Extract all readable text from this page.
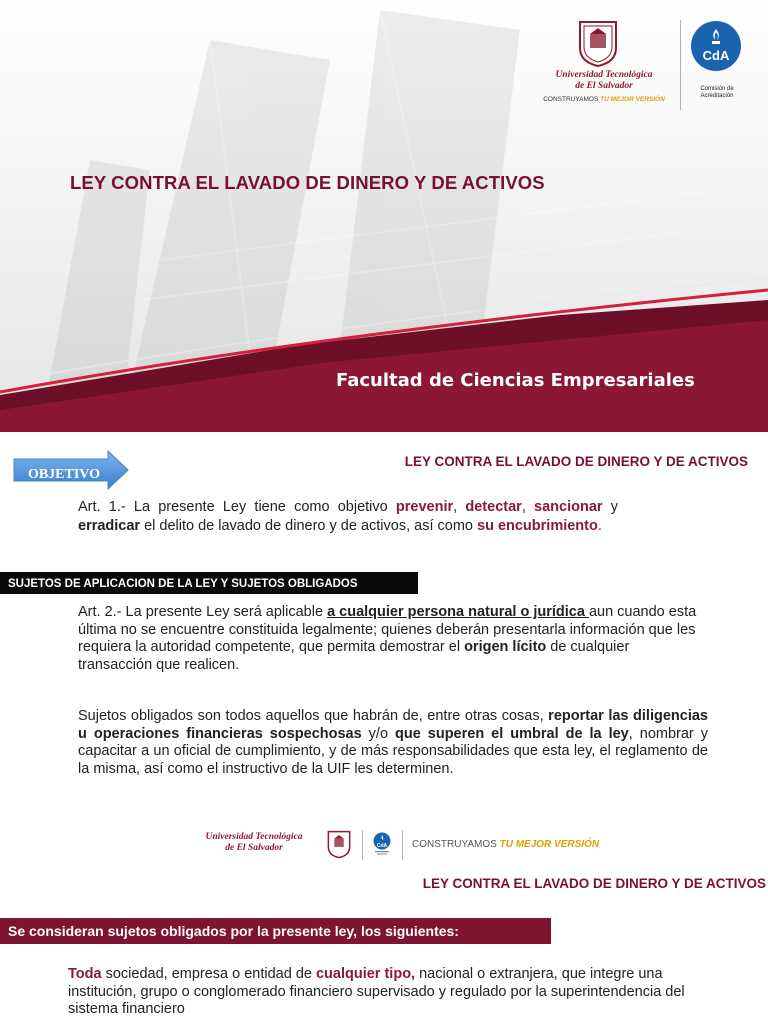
LEY CONTRA EL LAVADO DE DINERO Y DE ACTIVOS
Facultad de Ciencias Empresariales
Universidad Tecnológica
de El Salvador
CONSTRUYAMOS TU MEJOR VERSIÓN
CdA
Comisión de
Acreditación
OBJETIVO
LEY CONTRA EL LAVADO DE DINERO Y DE ACTIVOS

Art. 1.- La presente Ley tiene como objetivo prevenir, detectar, sancionar y erradicar el delito de lavado de dinero y de activos, así como su encubrimiento.

SUJETOS DE APLICACION DE LA LEY Y SUJETOS OBLIGADOS

Art. 2.- La presente Ley será aplicable a cualquier persona natural o jurídica aun cuando esta última no se encuentre constituida legalmente; quienes deberán presentarla información que les requiera la autoridad competente, que permita demostrar el origen lícito de cualquier transacción que realicen.

Sujetos obligados son todos aquellos que habrán de, entre otras cosas, reportar las diligencias u operaciones financieras sospechosas y/o que superen el umbral de la ley, nombrar y capacitar a un oficial de cumplimiento, y de más responsabilidades que esta ley, el reglamento de la misma, así como el instructivo de la UIF les determinen.

Universidad Tecnológica
de El Salvador	CdA CONSTRUYAMOS TU MEJOR VERSIÓN
LEY CONTRA EL LAVADO DE DINERO Y DE ACTIVOS
Se consideran sujetos obligados por la presente ley, los siguientes:

Toda sociedad, empresa o entidad de cualquier tipo, nacional o extranjera, que integre una institución, grupo o conglomerado financiero supervisado y regulado por la superintendencia del sistema financiero
